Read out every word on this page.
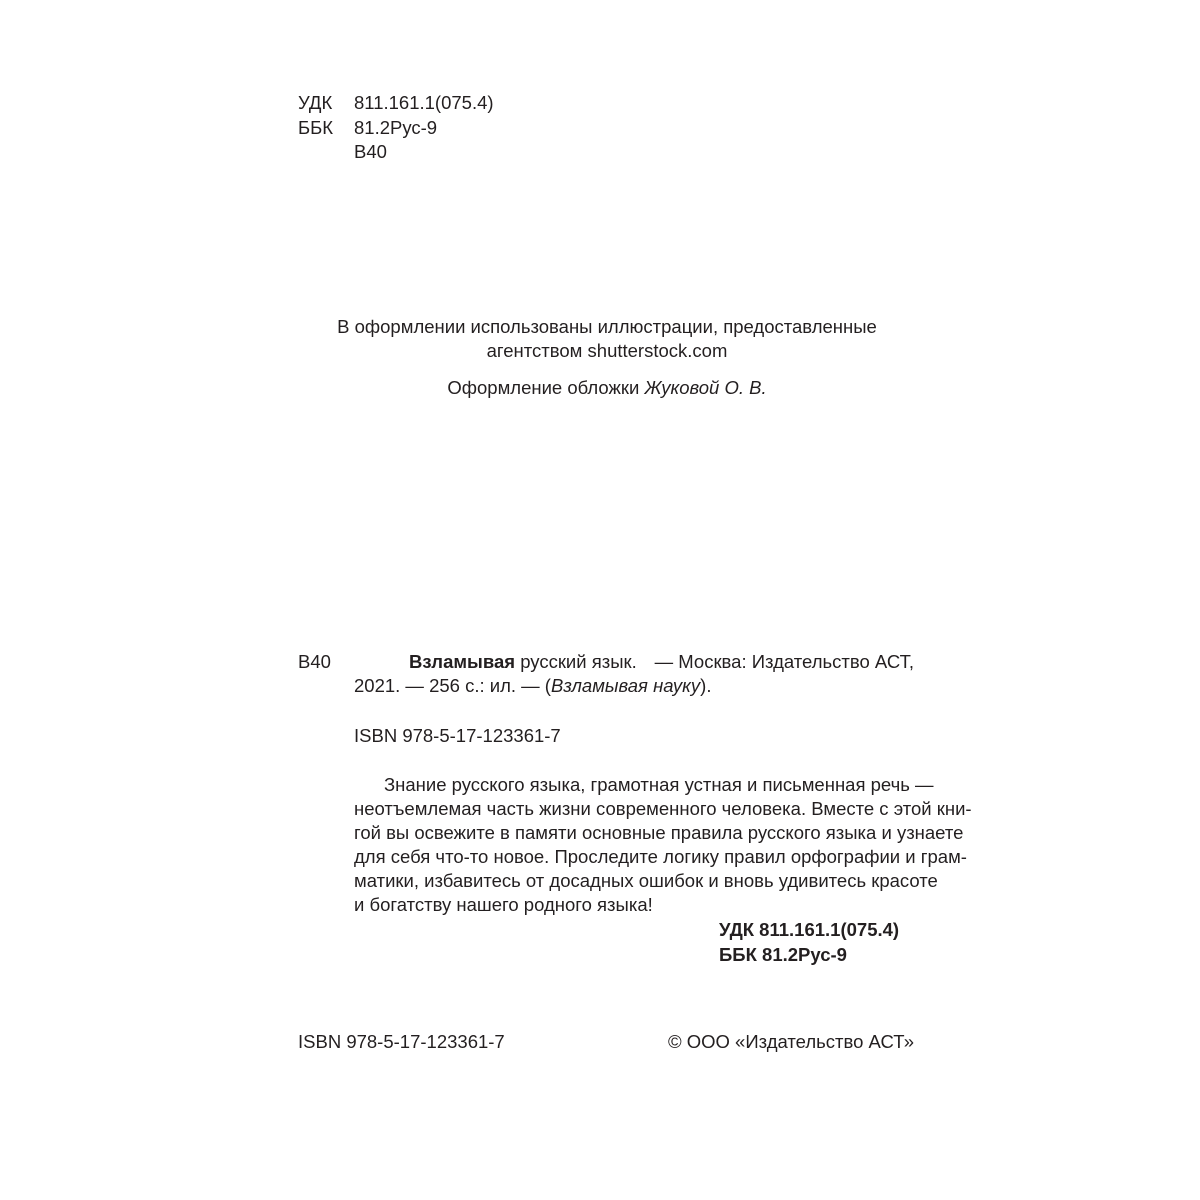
УДК	811.161.1(075.4)
ББК	81.2Рус-9
В40
В оформлении использованы иллюстрации, предоставленные
агентством shutterstock.com
Оформление обложки Жуковой О. В.
В40	Взламывая русский язык. — Москва: Издательство АСТ,
2021. — 256 с.: ил. — (Взламывая науку).
ISBN 978-5-17-123361-7
Знание русского языка, грамотная устная и письменная речь —
неотъемлемая часть жизни современного человека. Вместе с этой кни-
гой вы освежите в памяти основные правила русского языка и узнаете
для себя что-то новое. Проследите логику правил орфографии и грам-
матики, избавитесь от досадных ошибок и вновь удивитесь красоте
и богатству нашего родного языка!
УДК 811.161.1(075.4)
ББК 81.2Рус-9
ISBN 978-5-17-123361-7	© ООО «Издательство АСТ»
